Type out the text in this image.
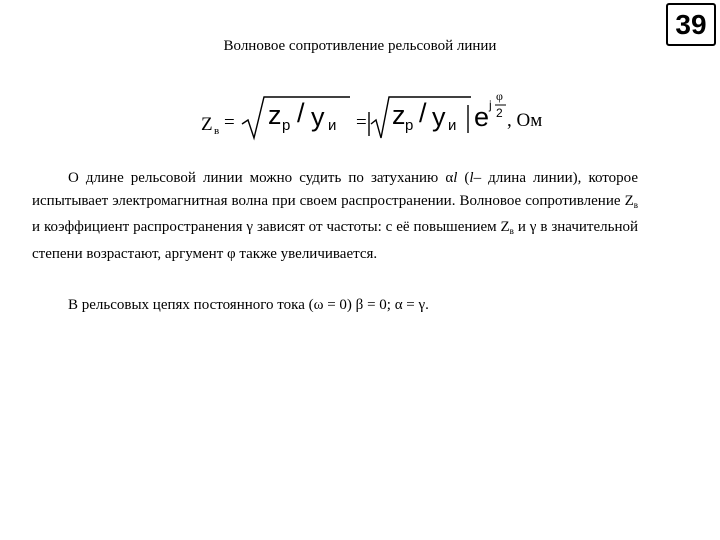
39
Волновое сопротивление рельсовой линии
Z в = z р / y и = z р / y и e j
φ
2 , Ом
О длине рельсовой линии можно судить по затуханию αl (l– длина линии), которое испытывает электромагнитная волна при своем распространении. Волновое сопротивление $Z_в$ и коэффициент распространения γ зависят от частоты: с её повышением $Z_в$ и γ в значительной степени возрастают, аргумент φ также увеличивается.
В рельсовых цепях постоянного тока (ω = 0) β = 0; α = γ.
